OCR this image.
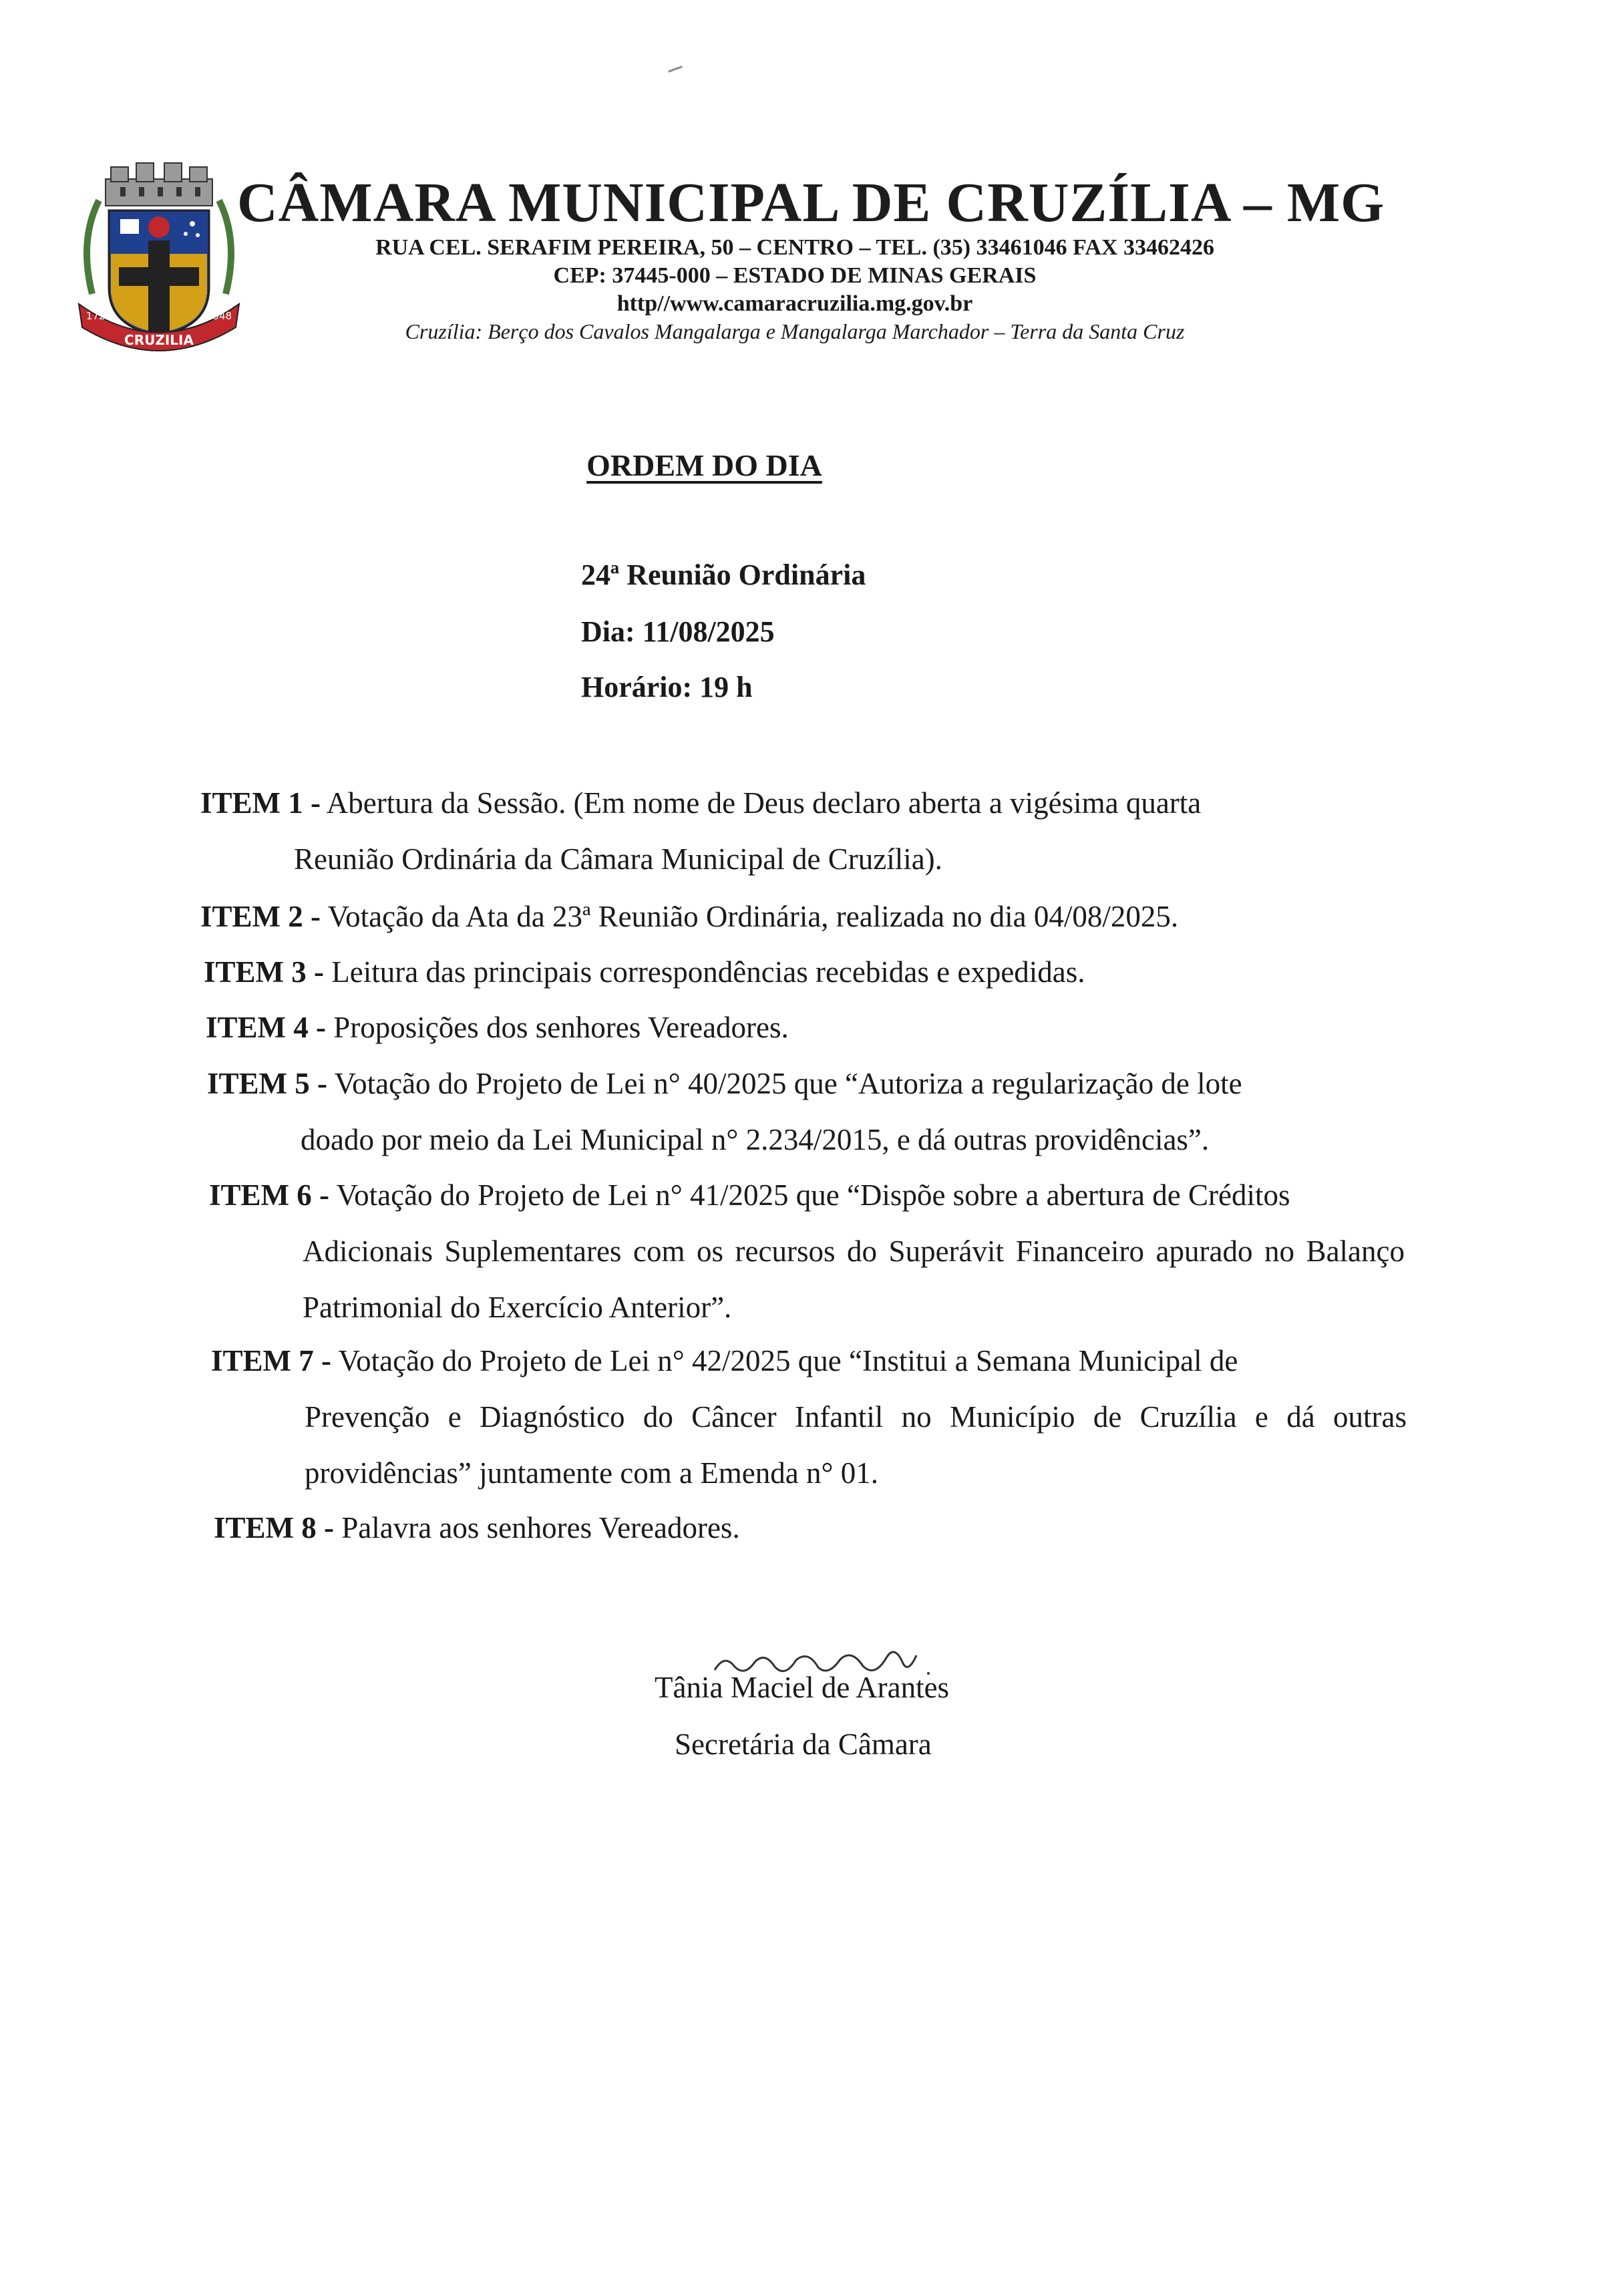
CRUZILIA
1720	1948
CÂMARA MUNICIPAL DE CRUZÍLIA – MG
RUA CEL. SERAFIM PEREIRA, 50 – CENTRO – TEL. (35) 33461046 FAX 33462426
CEP: 37445-000 – ESTADO DE MINAS GERAIS
http//www.camaracruzilia.mg.gov.br
Cruzília: Berço dos Cavalos Mangalarga e Mangalarga Marchador – Terra da Santa Cruz
ORDEM DO DIA
24ª Reunião Ordinária
Dia: 11/08/2025
Horário: 19 h
ITEM 1 - Abertura da Sessão. (Em nome de Deus declaro aberta a vigésima quarta
Reunião Ordinária da Câmara Municipal de Cruzília).
ITEM 2 - Votação da Ata da 23ª Reunião Ordinária, realizada no dia 04/08/2025.
ITEM 3 - Leitura das principais correspondências recebidas e expedidas.
ITEM 4 - Proposições dos senhores Vereadores.
ITEM 5 - Votação do Projeto de Lei n° 40/2025 que “Autoriza a regularização de lote
doado por meio da Lei Municipal n° 2.234/2015, e dá outras providências”.
ITEM 6 - Votação do Projeto de Lei n° 41/2025 que “Dispõe sobre a abertura de Créditos
Adicionais Suplementares com os recursos do Superávit Financeiro apurado no Balanço Patrimonial do Exercício Anterior”.
ITEM 7 - Votação do Projeto de Lei n° 42/2025 que “Institui a Semana Municipal de
Prevenção e Diagnóstico do Câncer Infantil no Município de Cruzília e dá outras providências” juntamente com a Emenda n° 01.
ITEM 8 - Palavra aos senhores Vereadores.
Tânia Maciel de Arantes
Secretária da Câmara
